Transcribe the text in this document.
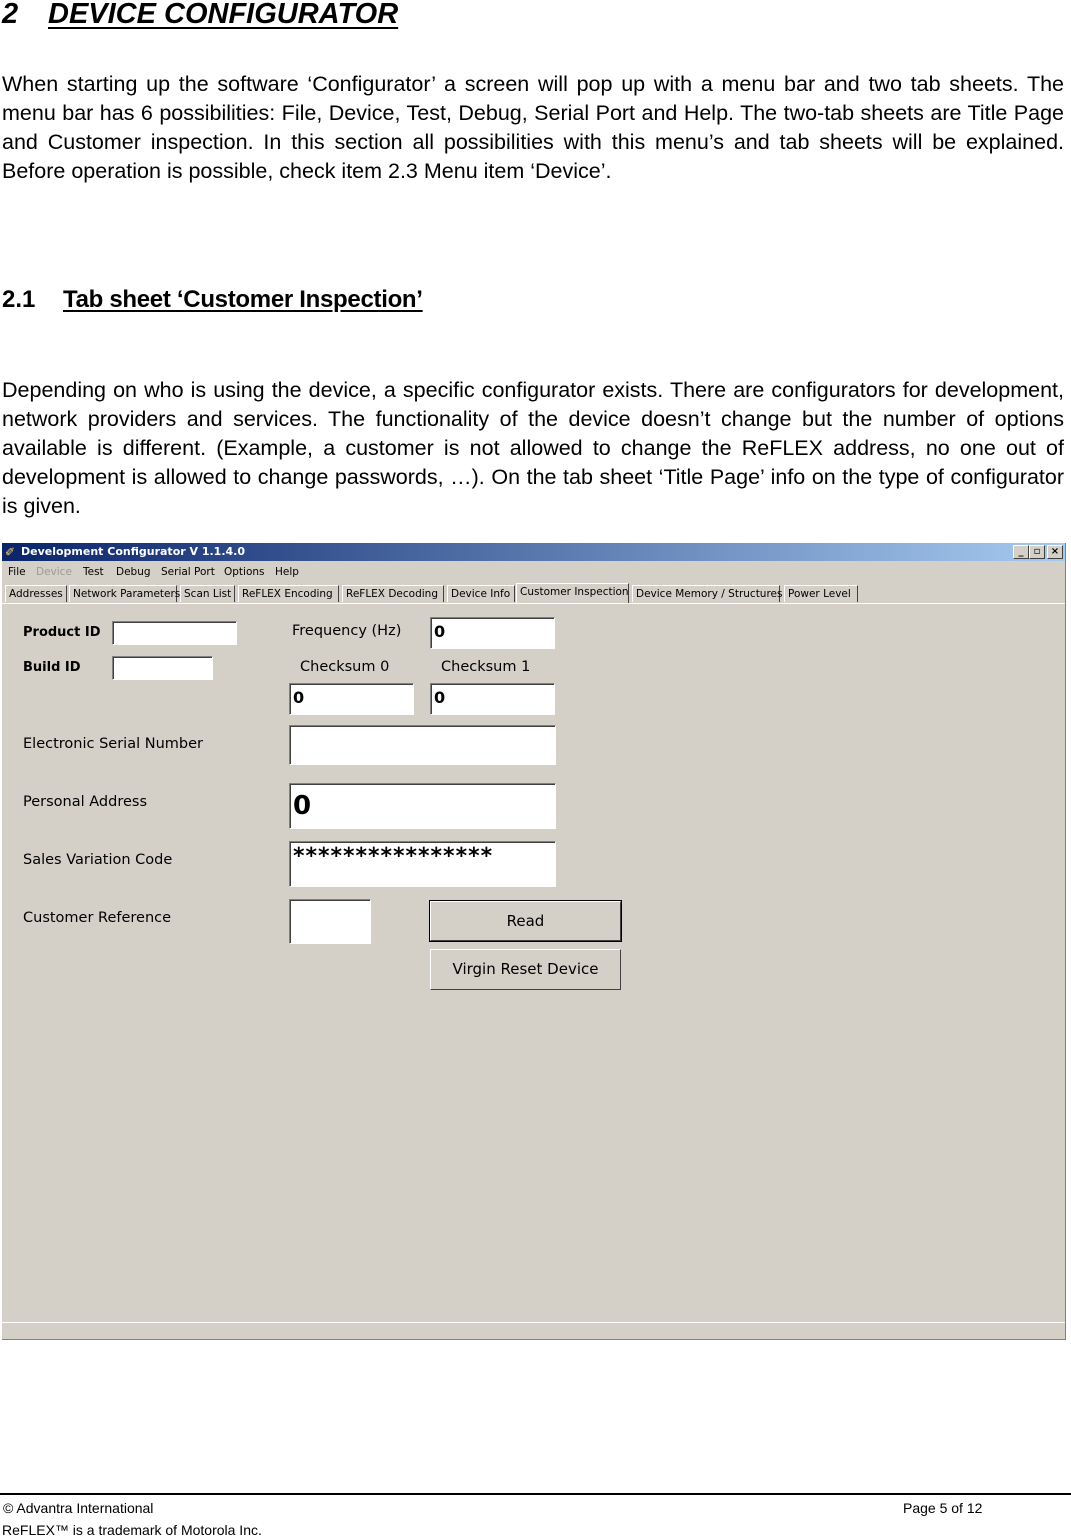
2 DEVICE CONFIGURATOR

When starting up the software ‘Configurator’ a screen will pop up with a menu bar and two tab sheets. The menu bar has 6 possibilities: File, Device, Test, Debug, Serial Port and Help. The two-tab sheets are Title Page and Customer inspection. In this section all possibilities with this menu’s and tab sheets will be explained. Before operation is possible, check item 2.3 Menu item ‘Device’.

2.1 Tab sheet ‘Customer Inspection’

Depending on who is using the device, a specific configurator exists. There are configurators for development, network providers and services. The functionality of the device doesn’t change but the number of options available is different. (Example, a customer is not allowed to change the ReFLEX address, no one out of development is allowed to change passwords, …). On the tab sheet ‘Title Page’ info on the type of configurator is given.

✐ Development Configurator V 1.1.4.0	_	▫	×
File Device Test Debug Serial Port Options Help
Addresses Network Parameters Scan List	ReFLEX Encoding	ReFLEX Decoding	Device Info Customer Inspection Device Memory / Structures Power Level
Product ID
Build ID
Frequency (Hz) 0
Checksum 0	Checksum 1
0	0
Electronic Serial Number
Personal Address	0
Sales Variation Code	****************
Customer Reference	Read
Virgin Reset Device
© Advantra International	Page 5 of 12
ReFLEX™ is a trademark of Motorola Inc.
